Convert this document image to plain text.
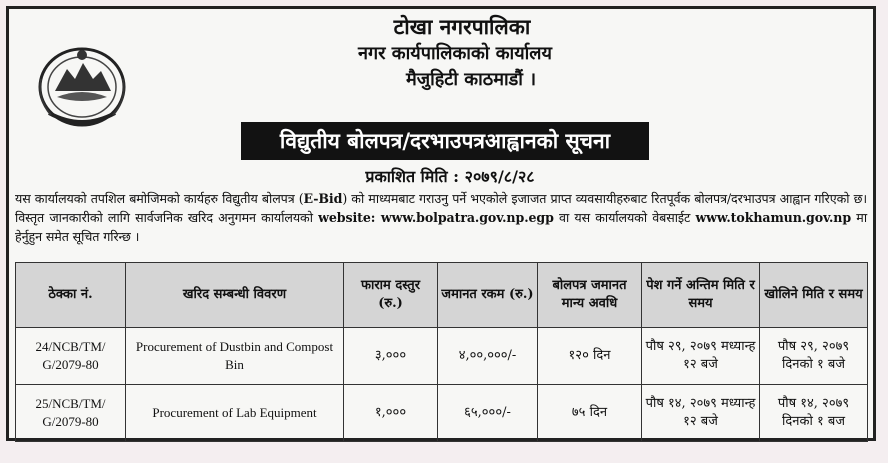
टोखा नगरपालिका
नगर कार्यपालिकाको कार्यालय
मैजुहिटी काठमाडौं ।
विद्युतीय बोलपत्र/दरभाउपत्रआह्वानको सूचना
प्रकाशित मिति : २०७९/८/२८
यस कार्यालयको तपशिल बमोजिमको कार्यहरु विद्युतीय बोलपत्र (E-Bid) को माध्यमबाट गराउनु पर्ने भएकोले इजाजत प्राप्त व्यवसायीहरुबाट रितपूर्वक बोलपत्र/दरभाउपत्र आह्वान गरिएको छ। विस्तृत जानकारीको लागि सार्वजनिक खरिद अनुगमन कार्यालयको website: www.bolpatra.gov.np.egp वा यस कार्यालयको वेबसाईट www.tokhamun.gov.np मा हेर्नुहुन समेत सूचित गरिन्छ ।
ठेक्का नं.	खरिद सम्बन्धी विवरण	फाराम दस्तुर (रु.)	जमानत रकम (रु.)	बोलपत्र जमानत मान्य अवधि	पेश गर्ने अन्तिम मिति र समय	खोलिने मिति र समय
24/NCB/TM/ G/2079-80	Procurement of Dustbin and Compost Bin	३,०००	४,००,०००/-	१२० दिन	पौष २९, २०७९ मध्यान्ह १२ बजे	पौष २९, २०७९ दिनको १ बजे
25/NCB/TM/ G/2079-80	Procurement of Lab Equipment	१,०००	६५,०००/-	७५ दिन	पौष १४, २०७९ मध्यान्ह १२ बजे	पौष १४, २०७९ दिनको १ बज
